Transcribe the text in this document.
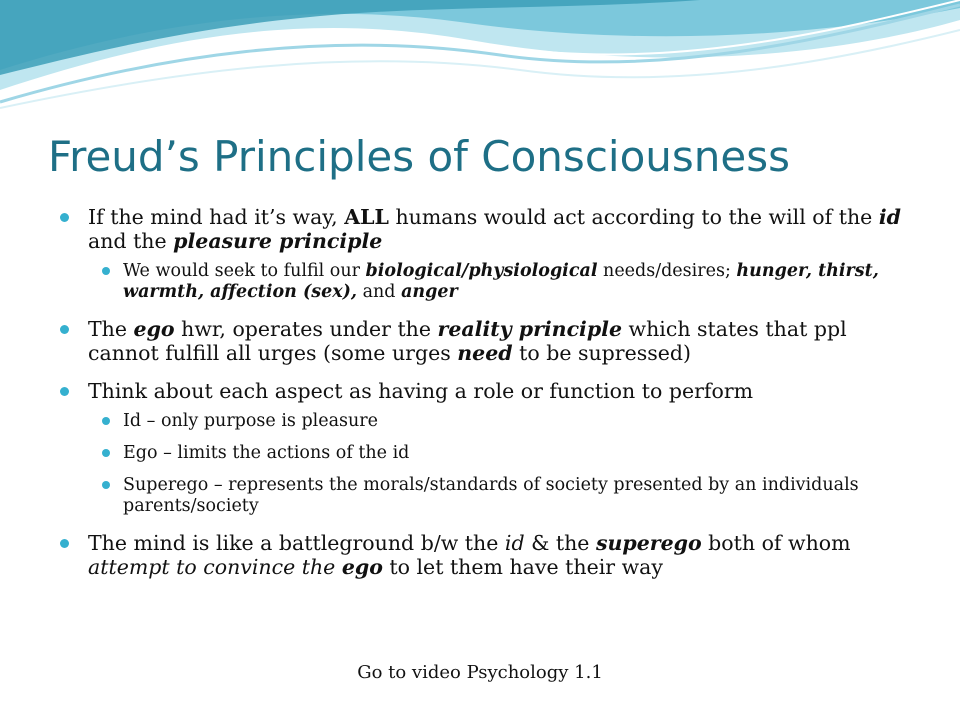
Freud’s Principles of Consciousness
If the mind had it’s way, ALL humans would act according to the will of the id and the pleasure principle
We would seek to fulfil our biological/physiological needs/desires; hunger, thirst, warmth, affection (sex), and anger
The ego hwr, operates under the reality principle which states that ppl cannot fulfill all urges (some urges need to be supressed)
Think about each aspect as having a role or function to perform
Id – only purpose is pleasure
Ego – limits the actions of the id
Superego – represents the morals/standards of society presented by an individuals parents/society
The mind is like a battleground b/w the id & the superego both of whom attempt to convince the ego to let them have their way
Go to video Psychology 1.1
